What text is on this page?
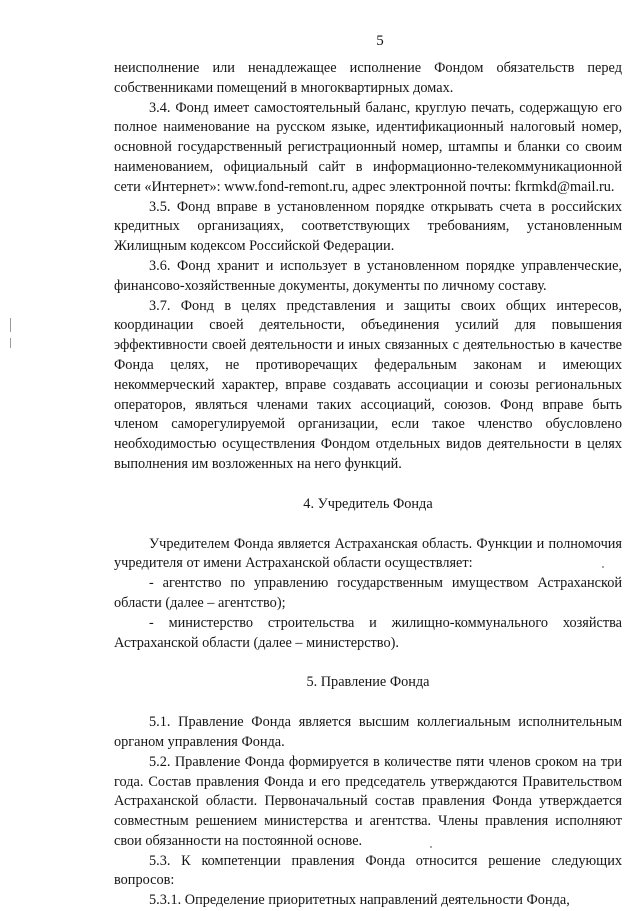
5

неисполнение или ненадлежащее исполнение Фондом обязательств перед собственниками помещений в многоквартирных домах.

3.4. Фонд имеет самостоятельный баланс, круглую печать, содержащую его полное наименование на русском языке, идентификационный налоговый номер, основной государственный регистрационный номер, штампы и бланки со своим наименованием, официальный сайт в информационно-телекоммуникационной сети «Интернет»: www.fond-remont.ru, адрес электронной почты: fkrmkd@mail.ru.

3.5. Фонд вправе в установленном порядке открывать счета в российских кредитных организациях, соответствующих требованиям, установленным Жилищным кодексом Российской Федерации.

3.6. Фонд хранит и использует в установленном порядке управленческие, финансово-хозяйственные документы, документы по личному составу.

3.7. Фонд в целях представления и защиты своих общих интересов, координации своей деятельности, объединения усилий для повышения эффективности своей деятельности и иных связанных с деятельностью в качестве Фонда целях, не противоречащих федеральным законам и имеющих некоммерческий характер, вправе создавать ассоциации и союзы региональных операторов, являться членами таких ассоциаций, союзов. Фонд вправе быть членом саморегулируемой организации, если такое членство обусловлено необходимостью осуществления Фондом отдельных видов деятельности в целях выполнения им возложенных на него функций.

4. Учредитель Фонда

Учредителем Фонда является Астраханская область. Функции и полномочия учредителя от имени Астраханской области осуществляет:

- агентство по управлению государственным имуществом Астраханской области (далее – агентство);

- министерство строительства и жилищно-коммунального хозяйства Астраханской области (далее – министерство).

5. Правление Фонда

5.1. Правление Фонда является высшим коллегиальным исполнительным органом управления Фонда.

5.2. Правление Фонда формируется в количестве пяти членов сроком на три года. Состав правления Фонда и его председатель утверждаются Правительством Астраханской области. Первоначальный состав правления Фонда утверждается совместным решением министерства и агентства. Члены правления исполняют свои обязанности на постоянной основе.

5.3. К компетенции правления Фонда относится решение следующих вопросов:

5.3.1. Определение приоритетных направлений деятельности Фонда,
